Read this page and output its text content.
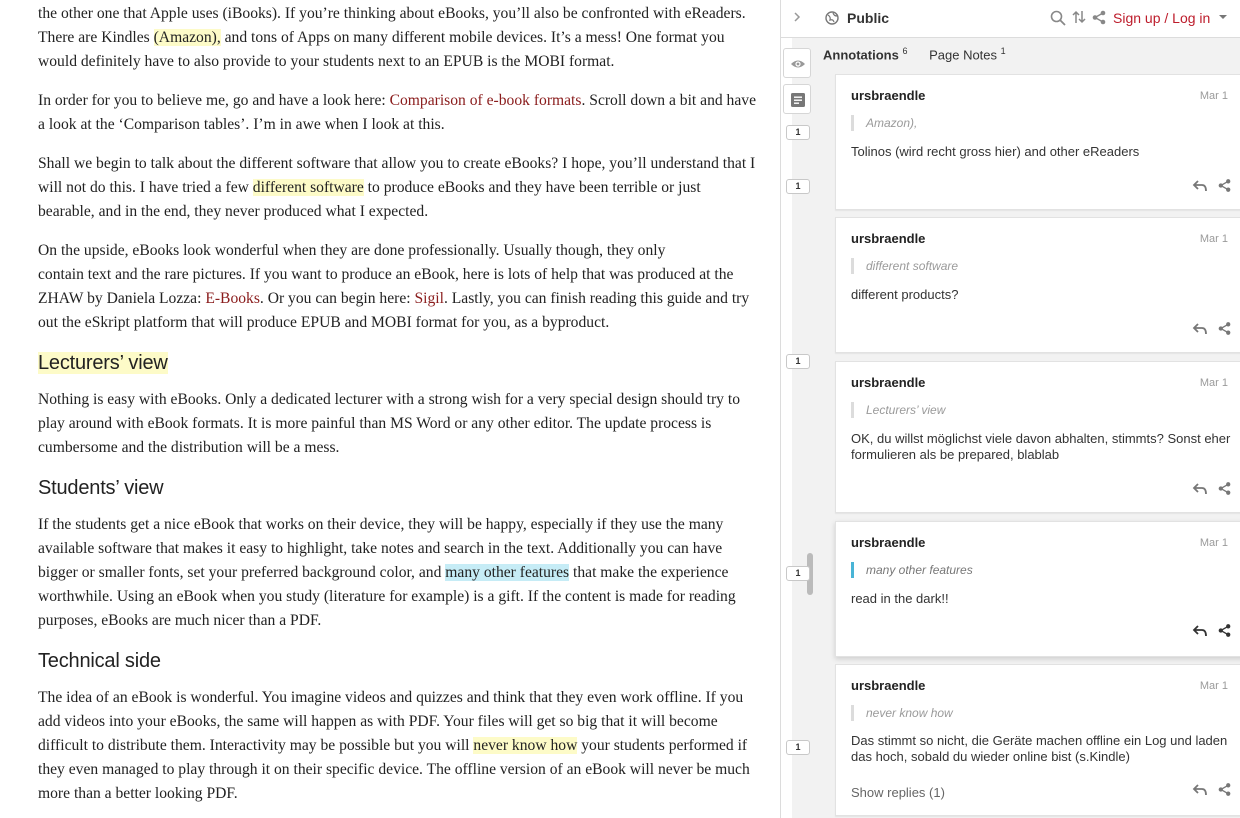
the other one that Apple uses (iBooks). If you’re thinking about eBooks, you’ll also be confronted with eReaders. There are Kindles (Amazon), and tons of Apps on many different mobile devices. It’s a mess! One format you would definitely have to also provide to your students next to an EPUB is the MOBI format.

In order for you to believe me, go and have a look here: Comparison of e-book formats. Scroll down a bit and have a look at the ‘Comparison tables’. I’m in awe when I look at this.

Shall we begin to talk about the different software that allow you to create eBooks? I hope, you’ll understand that I will not do this. I have tried a few different software to produce eBooks and they have been terrible or just bearable, and in the end, they never produced what I expected.

On the upside, eBooks look wonderful when they are done professionally. Usually though, they only
contain text and the rare pictures. If you want to produce an eBook, here is lots of help that was produced at the ZHAW by Daniela Lozza: E-Books. Or you can begin here: Sigil. Lastly, you can finish reading this guide and try out the eSkript platform that will produce EPUB and MOBI format for you, as a byproduct.

Lecturers’ view

Nothing is easy with eBooks. Only a dedicated lecturer with a strong wish for a very special design should try to play around with eBook formats. It is more painful than MS Word or any other editor. The update process is cumbersome and the distribution will be a mess.

Students’ view

If the students get a nice eBook that works on their device, they will be happy, especially if they use the many available software that makes it easy to highlight, take notes and search in the text. Additionally you can have bigger or smaller fonts, set your preferred background color, and many other features that make the experience worthwhile. Using an eBook when you study (literature for example) is a gift. If the content is made for reading purposes, eBooks are much nicer than a PDF.

Technical side

The idea of an eBook is wonderful. You imagine videos and quizzes and think that they even work offline. If you add videos into your eBooks, the same will happen as with PDF. Your files will get so big that it will become difficult to distribute them. Interactivity may be possible but you will never know how your students performed if they even managed to play through it on their specific device. The offline version of an eBook will never be much more than a better looking PDF.

Public	Sign up / Log in
Annotations $^6$ Page Notes $^1$
ursbraendle	Mar 1
Amazon),
Tolinos (wird recht gross hier) and other eReaders
ursbraendle	Mar 1
different software
different products?
ursbraendle	Mar 1
Lecturers’ view
OK, du willst möglichst viele davon abhalten, stimmts? Sonst eher formulieren als be prepared, blablab
ursbraendle	Mar 1
many other features
read in the dark!!
ursbraendle	Mar 1
never know how
Das stimmt so nicht, die Geräte machen offline ein Log und laden das hoch, sobald du wieder online bist (s.Kindle)
Show replies (1)
1
1
1
1
1
